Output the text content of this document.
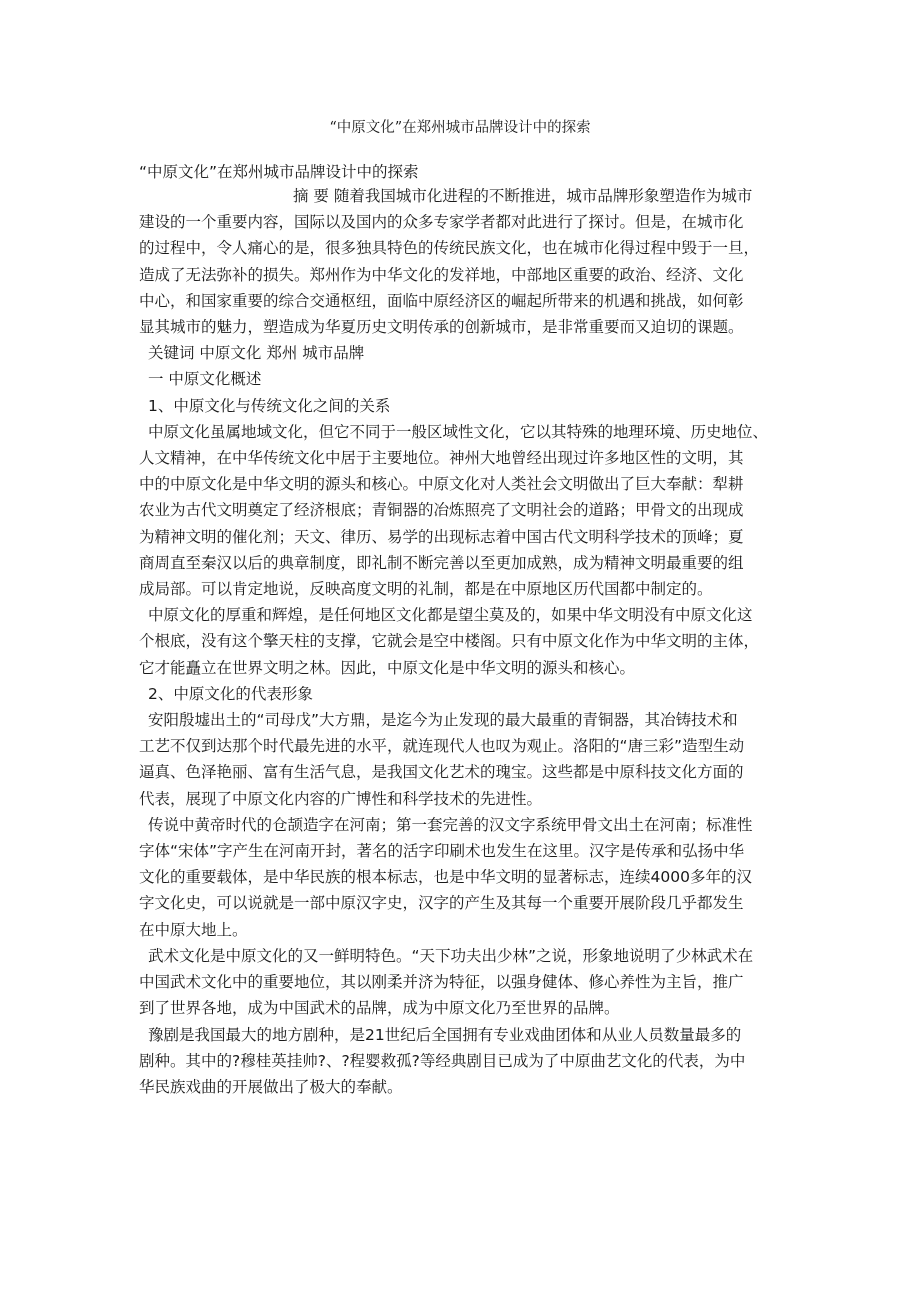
“中原文化”在郑州城市品牌设计中的探索
“中原文化”在郑州城市品牌设计中的探索
摘 要 随着我国城市化进程的不断推进，城市品牌形象塑造作为城市
建设的一个重要内容，国际以及国内的众多专家学者都对此进行了探讨。但是，在城市化
的过程中，令人痛心的是，很多独具特色的传统民族文化，也在城市化得过程中毁于一旦，
造成了无法弥补的损失。郑州作为中华文化的发祥地，中部地区重要的政治、经济、文化
中心，和国家重要的综合交通枢纽，面临中原经济区的崛起所带来的机遇和挑战，如何彰
显其城市的魅力，塑造成为华夏历史文明传承的创新城市，是非常重要而又迫切的课题。
关键词 中原文化 郑州 城市品牌
一 中原文化概述
1、中原文化与传统文化之间的关系
中原文化虽属地域文化，但它不同于一般区域性文化，它以其特殊的地理环境、历史地位、
人文精神，在中华传统文化中居于主要地位。神州大地曾经出现过许多地区性的文明，其
中的中原文化是中华文明的源头和核心。中原文化对人类社会文明做出了巨大奉献：犁耕
农业为古代文明奠定了经济根底；青铜器的冶炼照亮了文明社会的道路；甲骨文的出现成
为精神文明的催化剂；天文、律历、易学的出现标志着中国古代文明科学技术的顶峰；夏
商周直至秦汉以后的典章制度，即礼制不断完善以至更加成熟，成为精神文明最重要的组
成局部。可以肯定地说，反映高度文明的礼制，都是在中原地区历代国都中制定的。
中原文化的厚重和辉煌，是任何地区文化都是望尘莫及的，如果中华文明没有中原文化这
个根底，没有这个擎天柱的支撑，它就会是空中楼阁。只有中原文化作为中华文明的主体，
它才能矗立在世界文明之林。因此，中原文化是中华文明的源头和核心。
2、中原文化的代表形象
安阳殷墟出土的“司母戊”大方鼎，是迄今为止发现的最大最重的青铜器，其冶铸技术和
工艺不仅到达那个时代最先进的水平，就连现代人也叹为观止。洛阳的“唐三彩”造型生动
逼真、色泽艳丽、富有生活气息，是我国文化艺术的瑰宝。这些都是中原科技文化方面的
代表，展现了中原文化内容的广博性和科学技术的先进性。
传说中黄帝时代的仓颉造字在河南；第一套完善的汉文字系统甲骨文出土在河南；标准性
字体“宋体”字产生在河南开封，著名的活字印刷术也发生在这里。汉字是传承和弘扬中华
文化的重要载体，是中华民族的根本标志，也是中华文明的显著标志，连续4000多年的汉
字文化史，可以说就是一部中原汉字史，汉字的产生及其每一个重要开展阶段几乎都发生
在中原大地上。
武术文化是中原文化的又一鲜明特色。“天下功夫出少林”之说，形象地说明了少林武术在
中国武术文化中的重要地位，其以刚柔并济为特征，以强身健体、修心养性为主旨，推广
到了世界各地，成为中国武术的品牌，成为中原文化乃至世界的品牌。
豫剧是我国最大的地方剧种，是21世纪后全国拥有专业戏曲团体和从业人员数量最多的
剧种。其中的?穆桂英挂帅?、?程婴救孤?等经典剧目已成为了中原曲艺文化的代表，为中
华民族戏曲的开展做出了极大的奉献。
